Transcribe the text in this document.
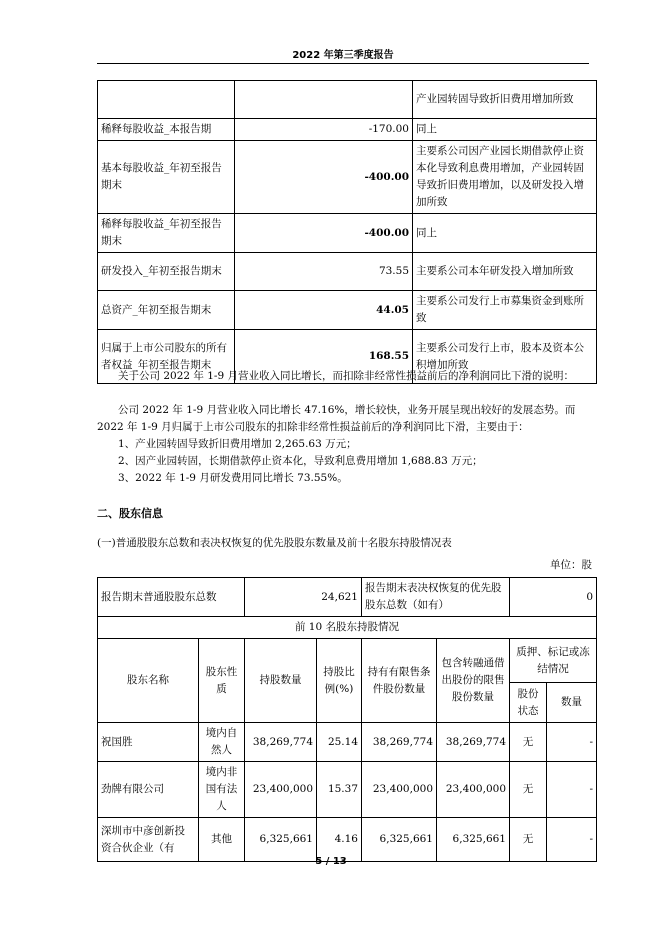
2022 年第三季度报告
		产业园转固导致折旧费用增加所致
稀释每股收益_本报告期	-170.00	同上
基本每股收益_年初至报告期末	-400.00	主要系公司因产业园长期借款停止资本化导致利息费用增加，产业园转固导致折旧费用增加，以及研发投入增加所致
稀释每股收益_年初至报告期末	-400.00	同上
研发投入_年初至报告期末	73.55	主要系公司本年研发投入增加所致
总资产_年初至报告期末	44.05	主要系公司发行上市募集资金到账所致
归属于上市公司股东的所有者权益_年初至报告期末	168.55	主要系公司发行上市，股本及资本公积增加所致
关于公司 2022 年 1-9 月营业收入同比增长，而扣除非经常性损益前后的净利润同比下滑的说明：
公司 2022 年 1-9 月营业收入同比增长 47.16%，增长较快，业务开展呈现出较好的发展态势。而 2022 年 1-9 月归属于上市公司股东的扣除非经常性损益前后的净利润同比下滑，主要由于：
1、产业园转固导致折旧费用增加 2,265.63 万元；
2、因产业园转固，长期借款停止资本化，导致利息费用增加 1,688.83 万元；
3、2022 年 1-9 月研发费用同比增长 73.55%。
二、股东信息
(一)普通股股东总数和表决权恢复的优先股股东数量及前十名股东持股情况表
单位：股
报告期末普通股股东总数		24,621		报告期末表决权恢复的优先股股东总数（如有）		0	
前 10 名股东持股情况							
股东名称	股东性质	持股数量	持股比例(%)	持有有限售条件股份数量	包含转融通借出股份的限售股份数量	质押、标记或冻结情况	
						股份状态	数量
祝国胜	境内自然人	38,269,774	25.14	38,269,774	38,269,774	无	-
劲牌有限公司	境内非国有法人	23,400,000	15.37	23,400,000	23,400,000	无	-
深圳市中彦创新投资合伙企业（有	其他	6,325,661	4.16	6,325,661	6,325,661	无	-
5 / 13
